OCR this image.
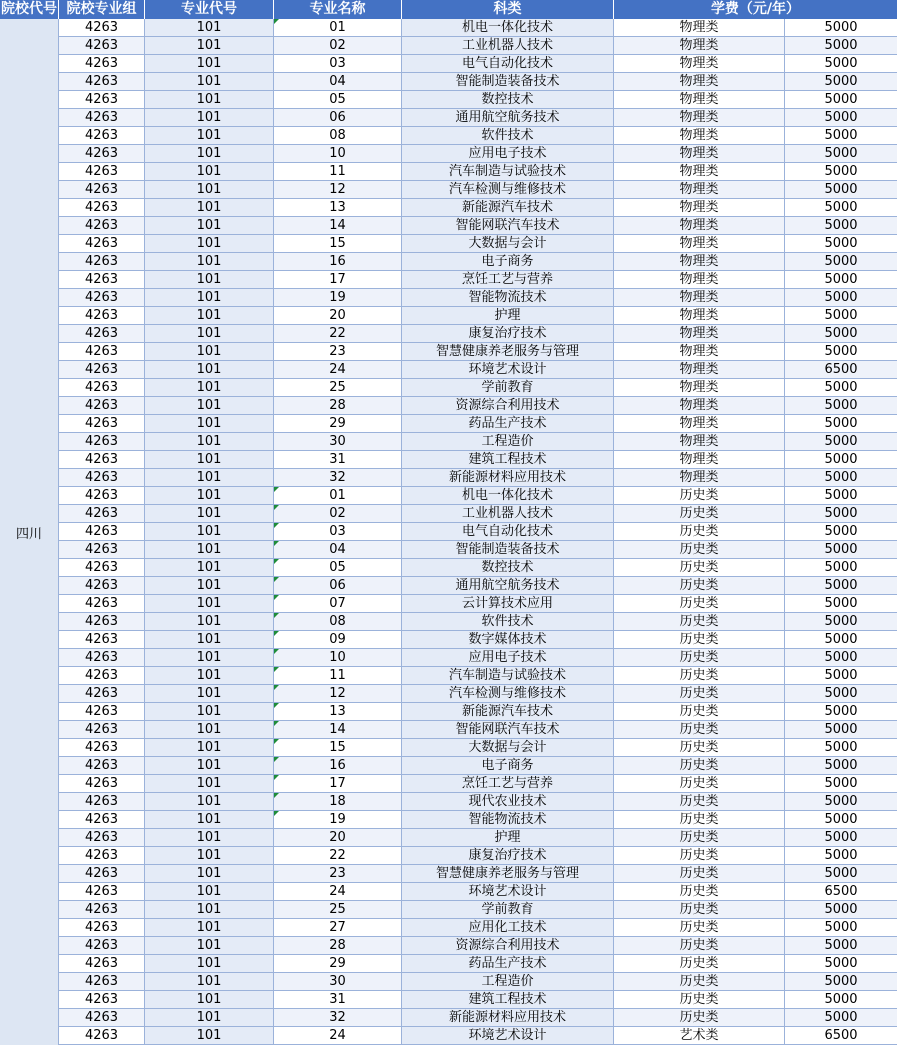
院校代号 院校专业组	专业代号	专业名称	科类	学费（元/年）
四川
4263	101	01	机电一体化技术	物理类	5000
4263	101	02	工业机器人技术	物理类	5000
4263	101	03	电气自动化技术	物理类	5000
4263	101	04	智能制造装备技术	物理类	5000
4263	101	05	数控技术	物理类	5000
4263	101	06	通用航空航务技术	物理类	5000
4263	101	08	软件技术	物理类	5000
4263	101	10	应用电子技术	物理类	5000
4263	101	11	汽车制造与试验技术	物理类	5000
4263	101	12	汽车检测与维修技术	物理类	5000
4263	101	13	新能源汽车技术	物理类	5000
4263	101	14	智能网联汽车技术	物理类	5000
4263	101	15	大数据与会计	物理类	5000
4263	101	16	电子商务	物理类	5000
4263	101	17	烹饪工艺与营养	物理类	5000
4263	101	19	智能物流技术	物理类	5000
4263	101	20	护理	物理类	5000
4263	101	22	康复治疗技术	物理类	5000
4263	101	23	智慧健康养老服务与管理	物理类	5000
4263	101	24	环境艺术设计	物理类	6500
4263	101	25	学前教育	物理类	5000
4263	101	28	资源综合利用技术	物理类	5000
4263	101	29	药品生产技术	物理类	5000
4263	101	30	工程造价	物理类	5000
4263	101	31	建筑工程技术	物理类	5000
4263	101	32	新能源材料应用技术	物理类	5000
4263	101	01	机电一体化技术	历史类	5000
4263	101	02	工业机器人技术	历史类	5000
4263	101	03	电气自动化技术	历史类	5000
4263	101	04	智能制造装备技术	历史类	5000
4263	101	05	数控技术	历史类	5000
4263	101	06	通用航空航务技术	历史类	5000
4263	101	07	云计算技术应用	历史类	5000
4263	101	08	软件技术	历史类	5000
4263	101	09	数字媒体技术	历史类	5000
4263	101	10	应用电子技术	历史类	5000
4263	101	11	汽车制造与试验技术	历史类	5000
4263	101	12	汽车检测与维修技术	历史类	5000
4263	101	13	新能源汽车技术	历史类	5000
4263	101	14	智能网联汽车技术	历史类	5000
4263	101	15	大数据与会计	历史类	5000
4263	101	16	电子商务	历史类	5000
4263	101	17	烹饪工艺与营养	历史类	5000
4263	101	18	现代农业技术	历史类	5000
4263	101	19	智能物流技术	历史类	5000
4263	101	20	护理	历史类	5000
4263	101	22	康复治疗技术	历史类	5000
4263	101	23	智慧健康养老服务与管理	历史类	5000
4263	101	24	环境艺术设计	历史类	6500
4263	101	25	学前教育	历史类	5000
4263	101	27	应用化工技术	历史类	5000
4263	101	28	资源综合利用技术	历史类	5000
4263	101	29	药品生产技术	历史类	5000
4263	101	30	工程造价	历史类	5000
4263	101	31	建筑工程技术	历史类	5000
4263	101	32	新能源材料应用技术	历史类	5000
4263	101	24	环境艺术设计	艺术类	6500
